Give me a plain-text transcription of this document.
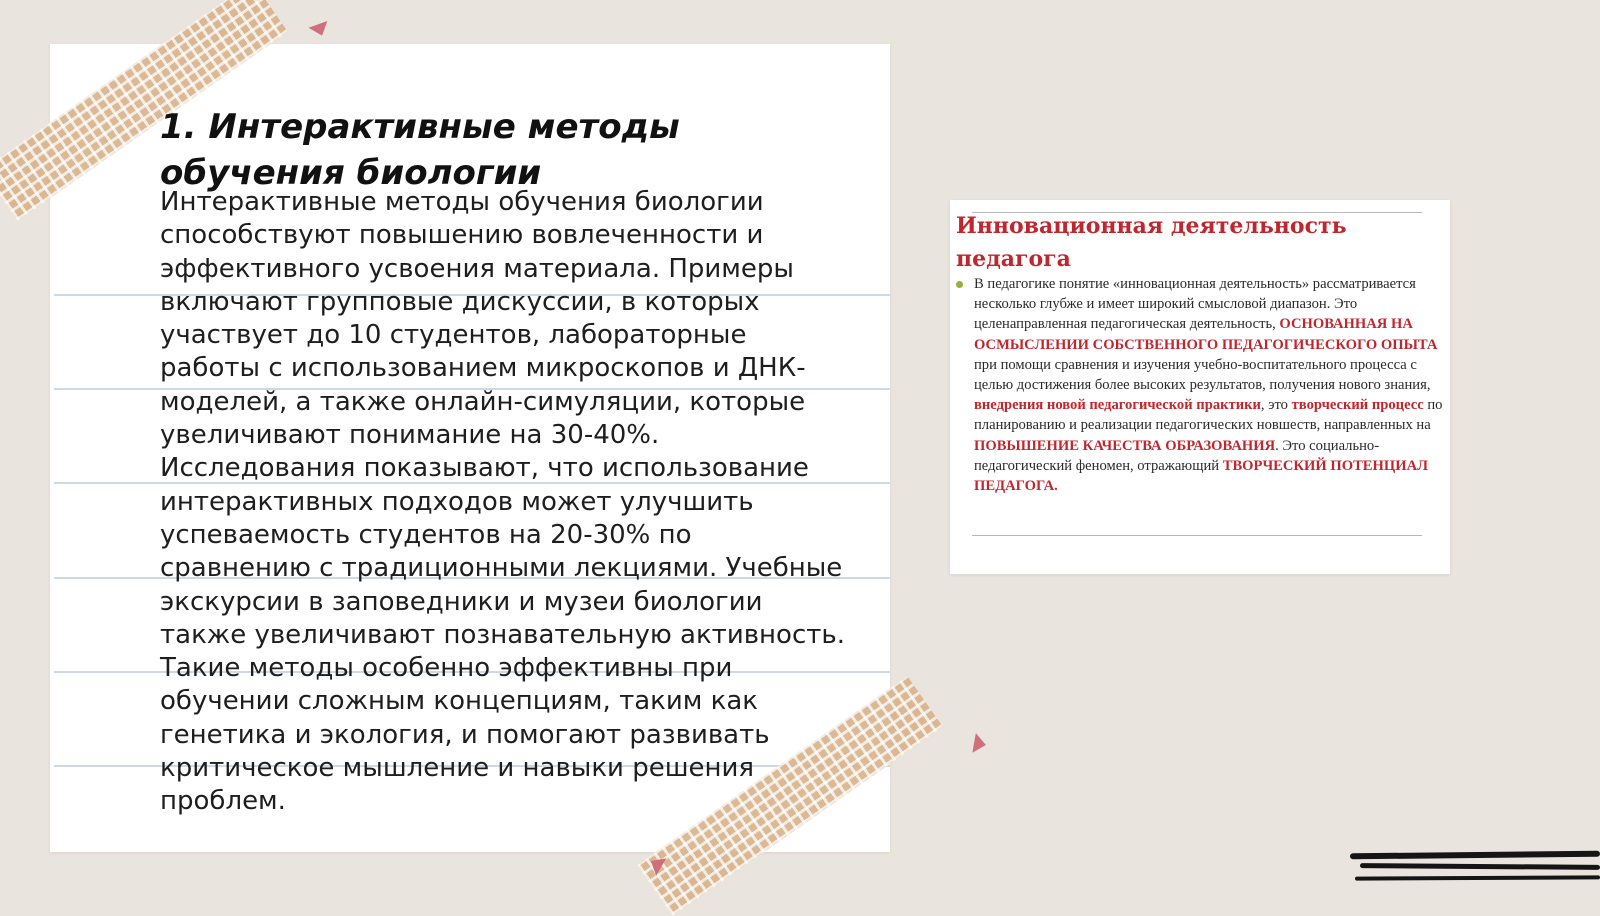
1. Интерактивные методы обучения биологии

Интерактивные методы обучения биологии способствуют повышению вовлеченности и эффективного усвоения материала. Примеры включают групповые дискуссии, в которых участвует до 10 студентов, лабораторные работы с использованием микроскопов и ДНК-моделей, а также онлайн-симуляции, которые увеличивают понимание на 30-40%. Исследования показывают, что использование интерактивных подходов может улучшить успеваемость студентов на 20-30% по сравнению с традиционными лекциями. Учебные экскурсии в заповедники и музеи биологии также увеличивают познавательную активность. Такие методы особенно эффективны при обучении сложным концепциям, таким как генетика и экология, и помогают развивать критическое мышление и навыки решения проблем.

Инновационная деятельность педагога

В педагогике понятие «инновационная деятельность» рассматривается несколько глубже и имеет широкий смысловой диапазон. Это целенаправленная педагогическая деятельность, ОСНОВАННАЯ НА ОСМЫСЛЕНИИ СОБСТВЕННОГО ПЕДАГОГИЧЕСКОГО ОПЫТА при помощи сравнения и изучения учебно-воспитательного процесса с целью достижения более высоких результатов, получения нового знания, внедрения новой педагогической практики, это творческий процесс по планированию и реализации педагогических новшеств, направленных на ПОВЫШЕНИЕ КАЧЕСТВА ОБРАЗОВАНИЯ. Это социально-педагогический феномен, отражающий ТВОРЧЕСКИЙ ПОТЕНЦИАЛ ПЕДАГОГА.
